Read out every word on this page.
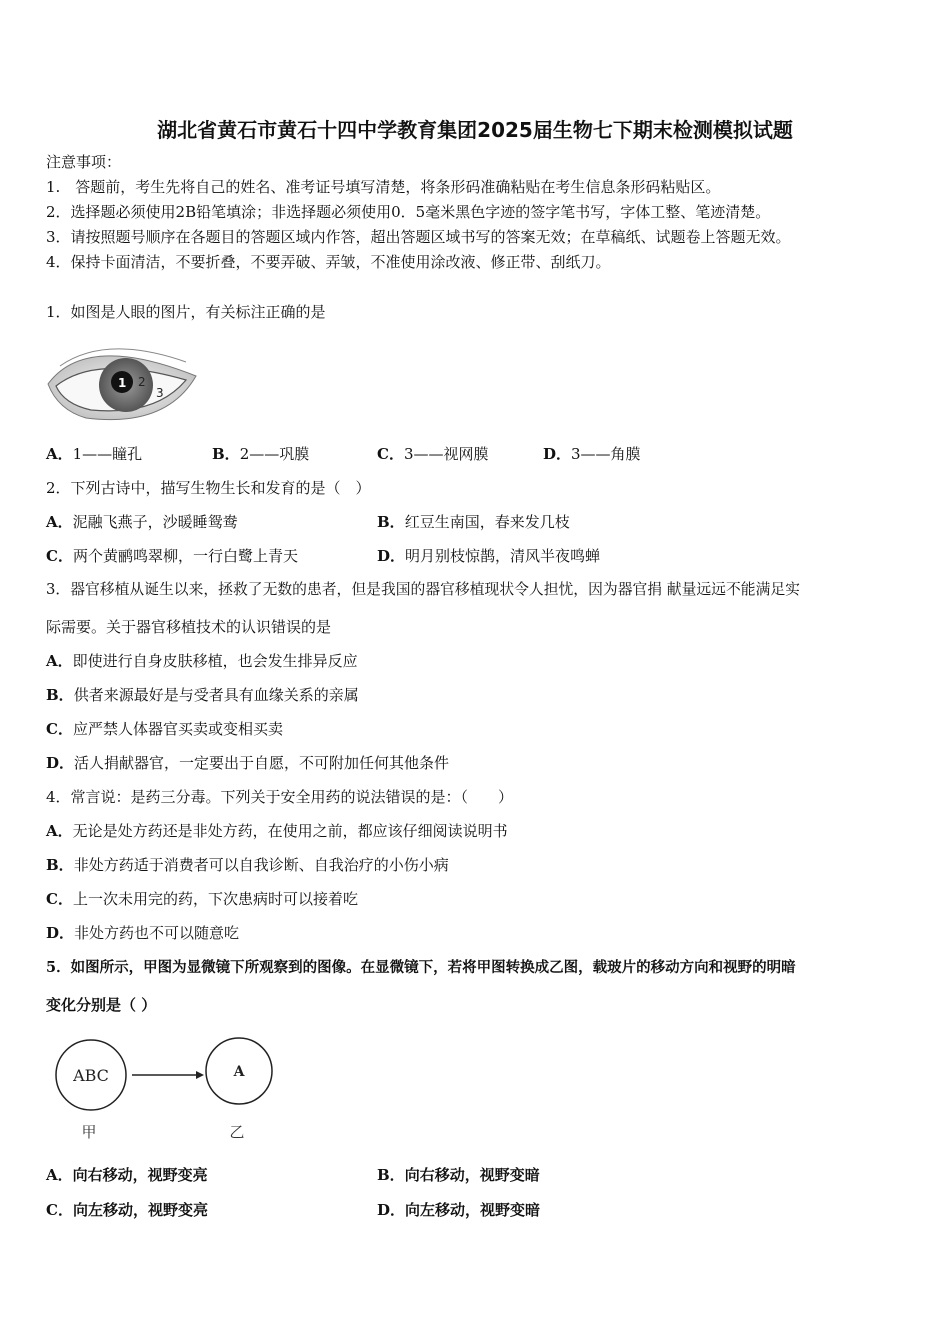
湖北省黄石市黄石十四中学教育集团2025届生物七下期末检测模拟试题
注意事项：
1.　答题前，考生先将自己的姓名、准考证号填写清楚，将条形码准确粘贴在考生信息条形码粘贴区。
2．选择题必须使用2B铅笔填涂；非选择题必须使用0．5毫米黑色字迹的签字笔书写，字体工整、笔迹清楚。
3．请按照题号顺序在各题目的答题区域内作答，超出答题区域书写的答案无效；在草稿纸、试题卷上答题无效。
4．保持卡面清洁，不要折叠，不要弄破、弄皱，不准使用涂改液、修正带、刮纸刀。
1．如图是人眼的图片，有关标注正确的是
1 2
3
A．1——瞳孔	B．2——巩膜	C．3——视网膜	D．3——角膜
2．下列古诗中，描写生物生长和发育的是（　）
A．泥融飞燕子，沙暖睡鸳鸯	B．红豆生南国，春来发几枝
C．两个黄鹂鸣翠柳，一行白鹭上青天	D．明月别枝惊鹊，清风半夜鸣蝉
3．器官移植从诞生以来，拯救了无数的患者，但是我国的器官移植现状令人担忧，因为器官捐 献量远远不能满足实
际需要。关于器官移植技术的认识错误的是
A．即使进行自身皮肤移植，也会发生排异反应
B．供者来源最好是与受者具有血缘关系的亲属
C．应严禁人体器官买卖或变相买卖
D．活人捐献器官，一定要出于自愿，不可附加任何其他条件
4．常言说：是药三分毒。下列关于安全用药的说法错误的是：（　　）
A．无论是处方药还是非处方药，在使用之前，都应该仔细阅读说明书
B．非处方药适于消费者可以自我诊断、自我治疗的小伤小病
C．上一次未用完的药，下次患病时可以接着吃
D．非处方药也不可以随意吃
5．如图所示，甲图为显微镜下所观察到的图像。在显微镜下，若将甲图转换成乙图，载玻片的移动方向和视野的明暗
变化分别是（ ）
ABC	A
甲	乙
A．向右移动，视野变亮	B．向右移动，视野变暗
C．向左移动，视野变亮	D．向左移动，视野变暗
